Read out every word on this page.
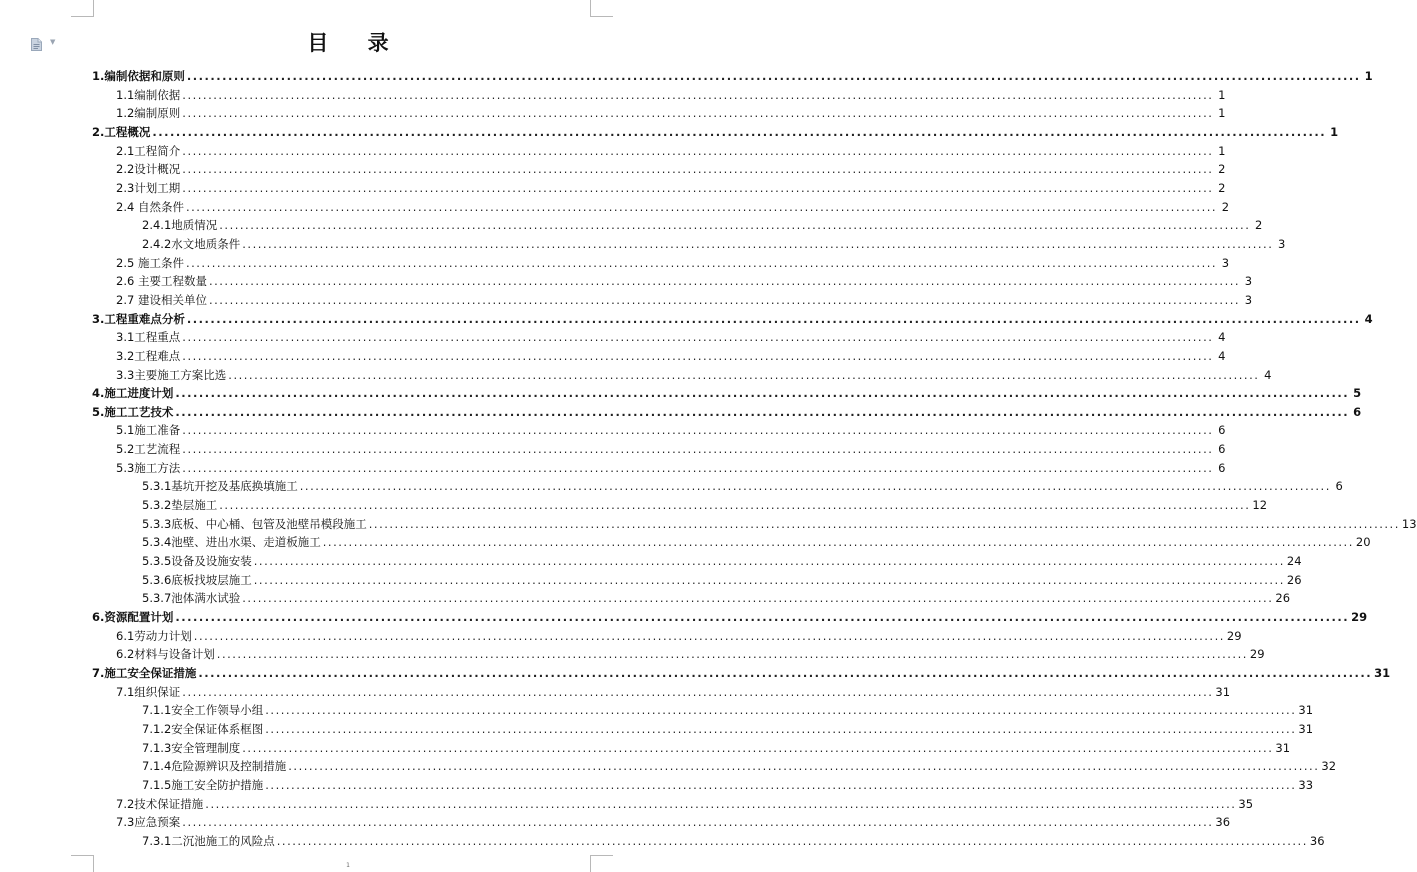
▼	目 录
1.编制依据和原则 ........................................................................................................................................................................................................ 1
1.1编制依据 ........................................................................................................................................................................................................ 1
1.2编制原则 ........................................................................................................................................................................................................ 1
2.工程概况 ........................................................................................................................................................................................................ 1
2.1工程简介 ........................................................................................................................................................................................................ 1
2.2设计概况 ........................................................................................................................................................................................................ 2
2.3计划工期 ........................................................................................................................................................................................................ 2
2.4 自然条件 ........................................................................................................................................................................................................ 2
2.4.1地质情况 ........................................................................................................................................................................................................ 2
2.4.2水文地质条件 ........................................................................................................................................................................................................ 3
2.5 施工条件 ........................................................................................................................................................................................................ 3
2.6 主要工程数量 ........................................................................................................................................................................................................ 3
2.7 建设相关单位 ........................................................................................................................................................................................................ 3
3.工程重难点分析 ........................................................................................................................................................................................................ 4
3.1工程重点 ........................................................................................................................................................................................................ 4
3.2工程难点 ........................................................................................................................................................................................................ 4
3.3主要施工方案比选 ........................................................................................................................................................................................................ 4
4.施工进度计划 ........................................................................................................................................................................................................ 5
5.施工工艺技术 ........................................................................................................................................................................................................ 6
5.1施工准备 ........................................................................................................................................................................................................ 6
5.2工艺流程 ........................................................................................................................................................................................................ 6
5.3施工方法 ........................................................................................................................................................................................................ 6
5.3.1基坑开挖及基底换填施工 ........................................................................................................................................................................................................ 6
5.3.2垫层施工 ........................................................................................................................................................................................................ 12
5.3.3底板、中心桶、包管及池壁吊模段施工 ........................................................................................................................................................................................................ 13
5.3.4池壁、进出水渠、走道板施工 ........................................................................................................................................................................................................ 20
5.3.5设备及设施安装 ........................................................................................................................................................................................................ 24
5.3.6底板找坡层施工 ........................................................................................................................................................................................................ 26
5.3.7池体满水试验 ........................................................................................................................................................................................................ 26
6.资源配置计划 ........................................................................................................................................................................................................ 29
6.1劳动力计划 ........................................................................................................................................................................................................ 29
6.2材料与设备计划 ........................................................................................................................................................................................................ 29
7.施工安全保证措施 ........................................................................................................................................................................................................ 31
7.1组织保证 ........................................................................................................................................................................................................ 31
7.1.1安全工作领导小组 ........................................................................................................................................................................................................ 31
7.1.2安全保证体系框图 ........................................................................................................................................................................................................ 31
7.1.3安全管理制度 ........................................................................................................................................................................................................ 31
7.1.4危险源辨识及控制措施 ........................................................................................................................................................................................................ 32
7.1.5施工安全防护措施 ........................................................................................................................................................................................................ 33
7.2技术保证措施 ........................................................................................................................................................................................................ 35
7.3应急预案 ........................................................................................................................................................................................................ 36
7.3.1二沉池施工的风险点 ........................................................................................................................................................................................................ 36
1
